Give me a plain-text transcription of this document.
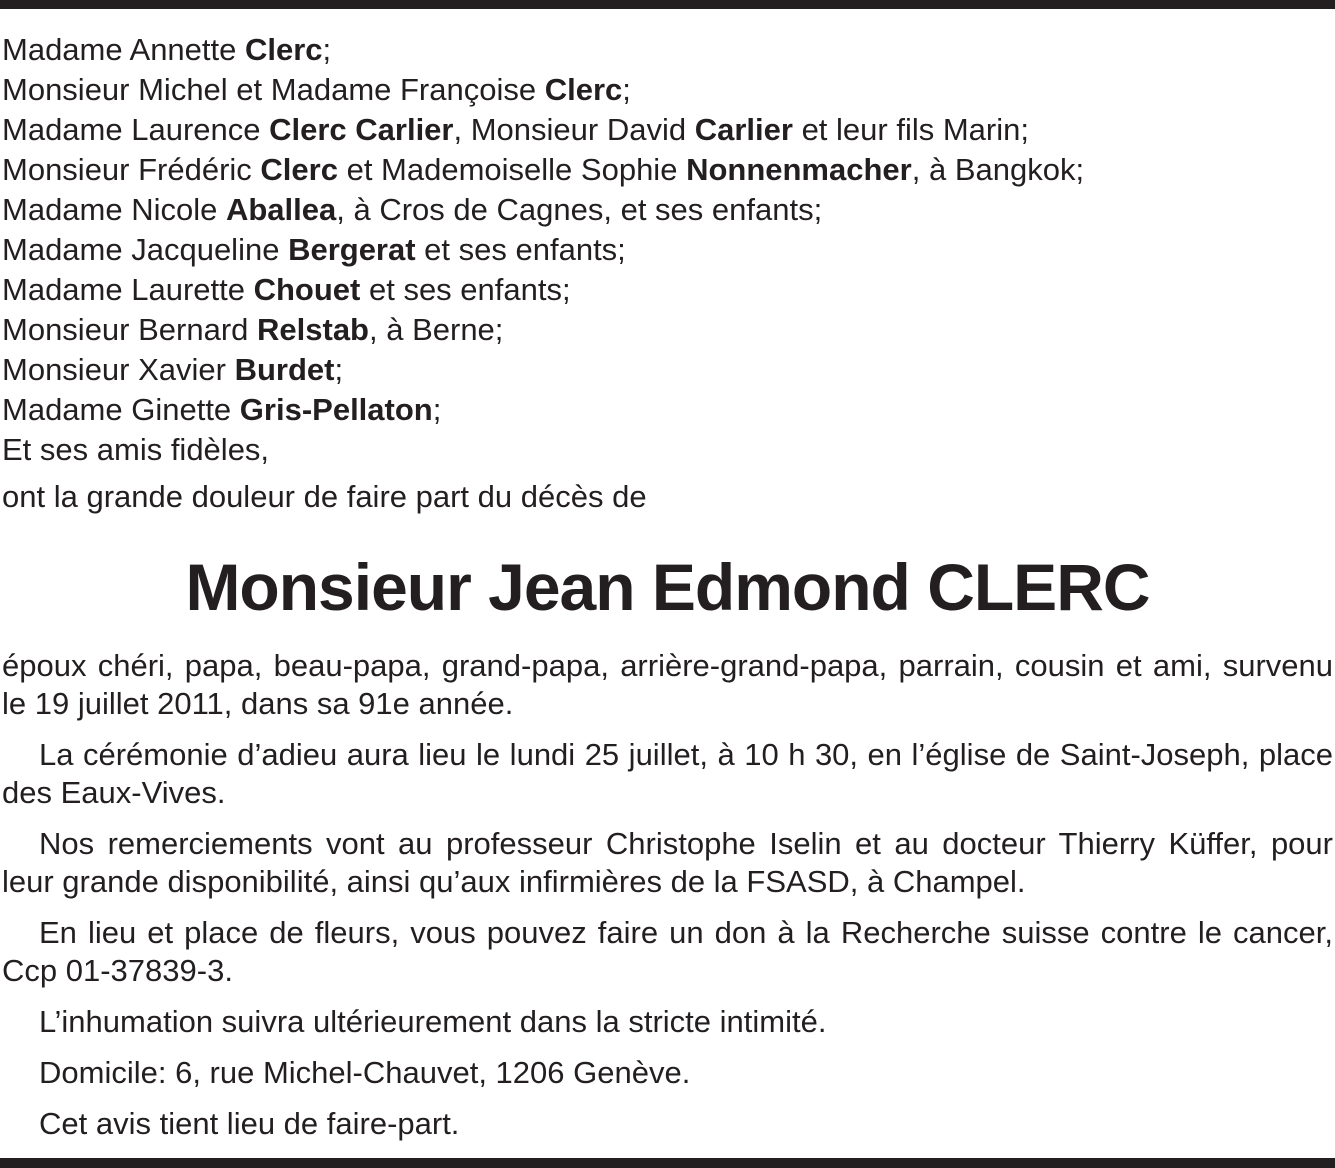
Madame Annette Clerc;
Monsieur Michel et Madame Françoise Clerc;
Madame Laurence Clerc Carlier, Monsieur David Carlier et leur fils Marin;
Monsieur Frédéric Clerc et Mademoiselle Sophie Nonnenmacher, à Bangkok;
Madame Nicole Aballea, à Cros de Cagnes, et ses enfants;
Madame Jacqueline Bergerat et ses enfants;
Madame Laurette Chouet et ses enfants;
Monsieur Bernard Relstab, à Berne;
Monsieur Xavier Burdet;
Madame Ginette Gris-Pellaton;
Et ses amis fidèles,
ont la grande douleur de faire part du décès de
Monsieur Jean Edmond CLERC

époux chéri, papa, beau-papa, grand-papa, arrière-grand-papa, parrain, cousin et ami, survenu le 19 juillet 2011, dans sa 91e année.

La cérémonie d’adieu aura lieu le lundi 25 juillet, à 10 h 30, en l’église de Saint-Joseph, place des Eaux-Vives.

Nos remerciements vont au professeur Christophe Iselin et au docteur Thierry Küffer, pour leur grande disponibilité, ainsi qu’aux infirmières de la FSASD, à Champel.

En lieu et place de fleurs, vous pouvez faire un don à la Recherche suisse contre le cancer, Ccp 01-37839-3.

L’inhumation suivra ultérieurement dans la stricte intimité.

Domicile: 6, rue Michel-Chauvet, 1206 Genève.

Cet avis tient lieu de faire-part.
